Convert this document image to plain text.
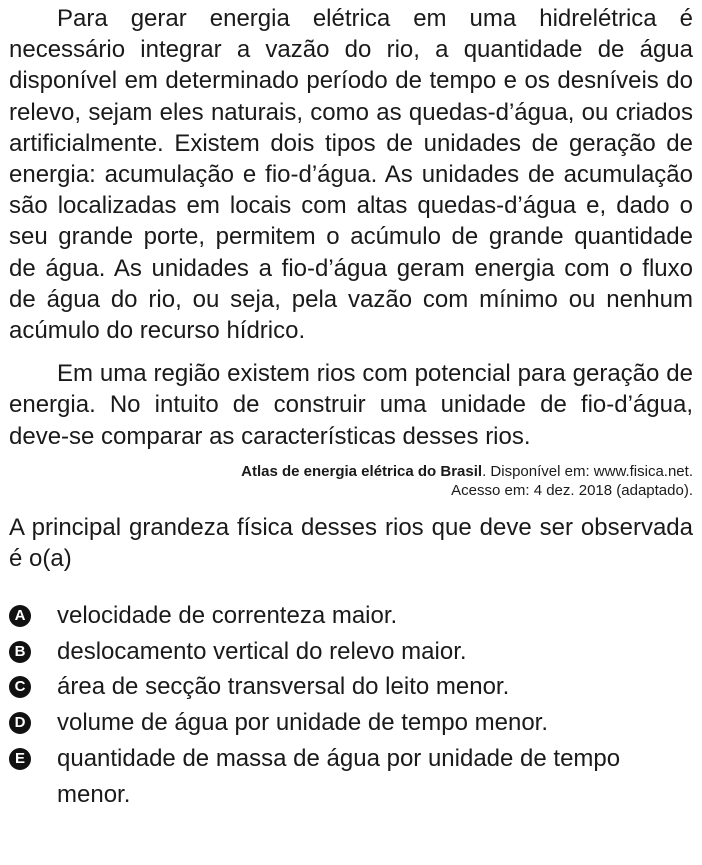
Para gerar energia elétrica em uma hidrelétrica é necessário integrar a vazão do rio, a quantidade de água disponível em determinado período de tempo e os desníveis do relevo, sejam eles naturais, como as quedas-d’água, ou criados artificialmente. Existem dois tipos de unidades de geração de energia: acumulação e fio-d’água. As unidades de acumulação são localizadas em locais com altas quedas-d’água e, dado o seu grande porte, permitem o acúmulo de grande quantidade de água. As unidades a fio-d’água geram energia com o fluxo de água do rio, ou seja, pela vazão com mínimo ou nenhum acúmulo do recurso hídrico.

Em uma região existem rios com potencial para geração de energia. No intuito de construir uma unidade de fio-d’água, deve-se comparar as características desses rios.

Atlas de energia elétrica do Brasil. Disponível em: www.fisica.net.
Acesso em: 4 dez. 2018 (adaptado).

A principal grandeza física desses rios que deve ser observada é o(a)

A velocidade de correnteza maior.
B deslocamento vertical do relevo maior.
C área de secção transversal do leito menor.
D volume de água por unidade de tempo menor.
E quantidade de massa de água por unidade de tempo menor.
